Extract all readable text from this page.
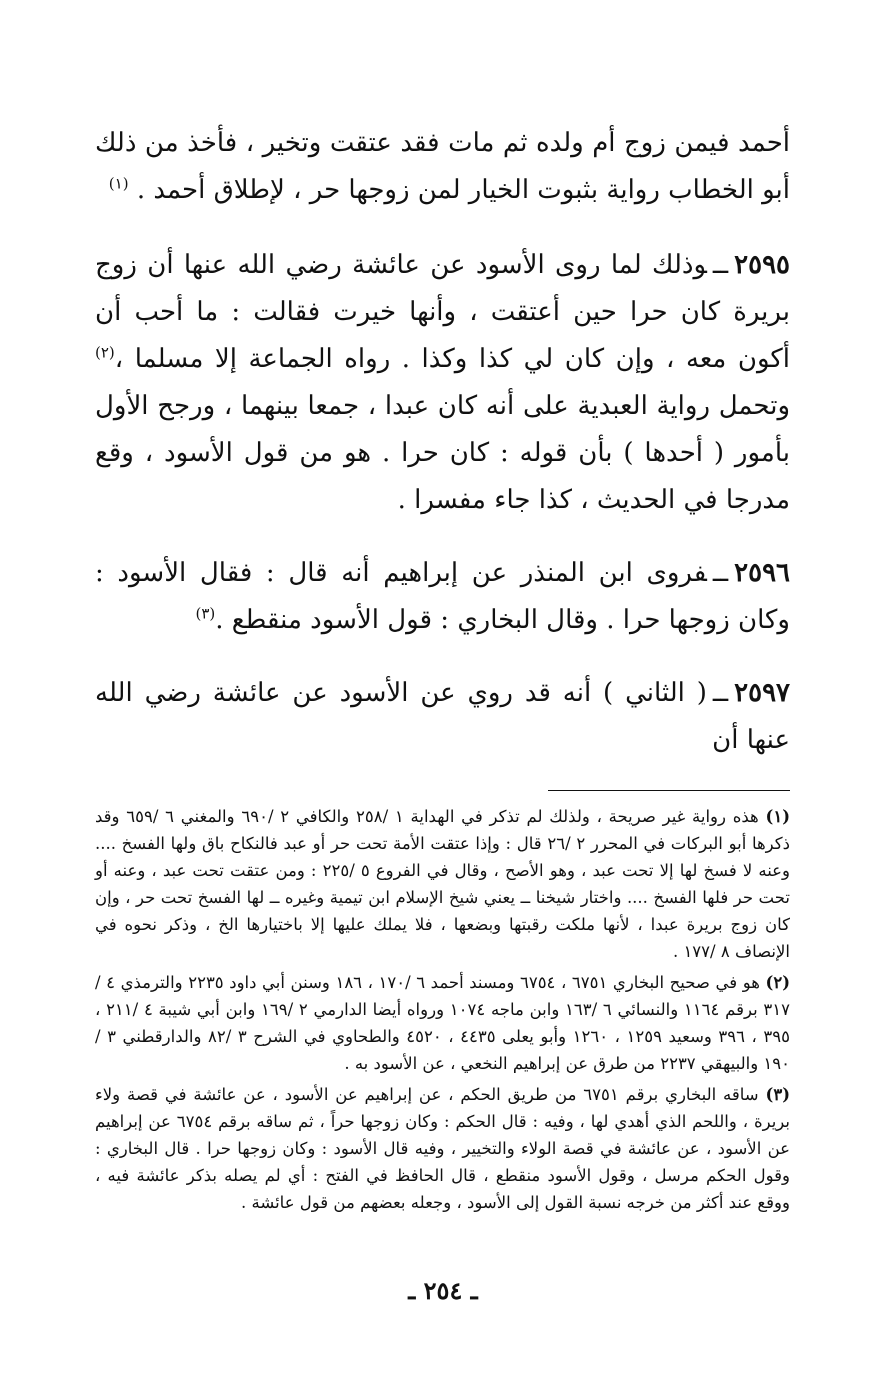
أحمد فيمن زوج أم ولده ثم مات فقد عتقت وتخير ، فأخذ من ذلك أبو الخطاب رواية بثبوت الخيار لمن زوجها حر ، لإطلاق أحمد . $^{(١)}$

٢٥٩٥ــوذلك لما روى الأسود عن عائشة رضي الله عنها أن زوج بريرة كان حرا حين أعتقت ، وأنها خيرت فقالت : ما أحب أن أكون معه ، وإن كان لي كذا وكذا . رواه الجماعة إلا مسلما ،$^{(٢)}$ وتحمل رواية العبدية على أنه كان عبدا ، جمعا بينهما ، ورجح الأول بأمور ( أحدها ) بأن قوله : كان حرا . هو من قول الأسود ، وقع مدرجا في الحديث ، كذا جاء مفسرا .

٢٥٩٦ــفروى ابن المنذر عن إبراهيم أنه قال : فقال الأسود : وكان زوجها حرا . وقال البخاري : قول الأسود منقطع .$^{(٣)}$

٢٥٩٧ــ( الثاني ) أنه قد روي عن الأسود عن عائشة رضي الله عنها أن

(١) هذه رواية غير صريحة ، ولذلك لم تذكر في الهداية ١ /٢٥٨ والكافي ٢ /٦٩٠ والمغني ٦ /٦٥٩ وقد ذكرها أبو البركات في المحرر ٢ /٢٦ قال : وإذا عتقت الأمة تحت حر أو عبد فالنكاح باق ولها الفسخ .... وعنه لا فسخ لها إلا تحت عبد ، وهو الأصح ، وقال في الفروع ٥ /٢٢٥ : ومن عتقت تحت عبد ، وعنه أو تحت حر فلها الفسخ .... واختار شيخنا ــ يعني شيخ الإسلام ابن تيمية وغيره ــ لها الفسخ تحت حر ، وإن كان زوج بريرة عبدا ، لأنها ملكت رقبتها وبضعها ، فلا يملك عليها إلا باختيارها الخ ، وذكر نحوه في الإنصاف ٨ /١٧٧ .

(٢) هو في صحيح البخاري ٦٧٥١ ، ٦٧٥٤ ومسند أحمد ٦ /١٧٠ ، ١٨٦ وسنن أبي داود ٢٢٣٥ والترمذي ٤ /٣١٧ برقم ١١٦٤ والنسائي ٦ /١٦٣ وابن ماجه ١٠٧٤ ورواه أيضا الدارمي ٢ /١٦٩ وابن أبي شيبة ٤ /٢١١ ، ٣٩٥ ، ٣٩٦ وسعيد ١٢٥٩ ، ١٢٦٠ وأبو يعلى ٤٤٣٥ ، ٤٥٢٠ والطحاوي في الشرح ٣ /٨٢ والدارقطني ٣ /١٩٠ والبيهقي ٢٢٣٧ من طرق عن إبراهيم النخعي ، عن الأسود به .

(٣) ساقه البخاري برقم ٦٧٥١ من طريق الحكم ، عن إبراهيم عن الأسود ، عن عائشة في قصة ولاء بريرة ، واللحم الذي أهدي لها ، وفيه : قال الحكم : وكان زوجها حراً ، ثم ساقه برقم ٦٧٥٤ عن إبراهيم عن الأسود ، عن عائشة في قصة الولاء والتخيير ، وفيه قال الأسود : وكان زوجها حرا . قال البخاري : وقول الحكم مرسل ، وقول الأسود منقطع ، قال الحافظ في الفتح : أي لم يصله بذكر عائشة فيه ، ووقع عند أكثر من خرجه نسبة القول إلى الأسود ، وجعله بعضهم من قول عائشة .

ـ ٢٥٤ ـ
